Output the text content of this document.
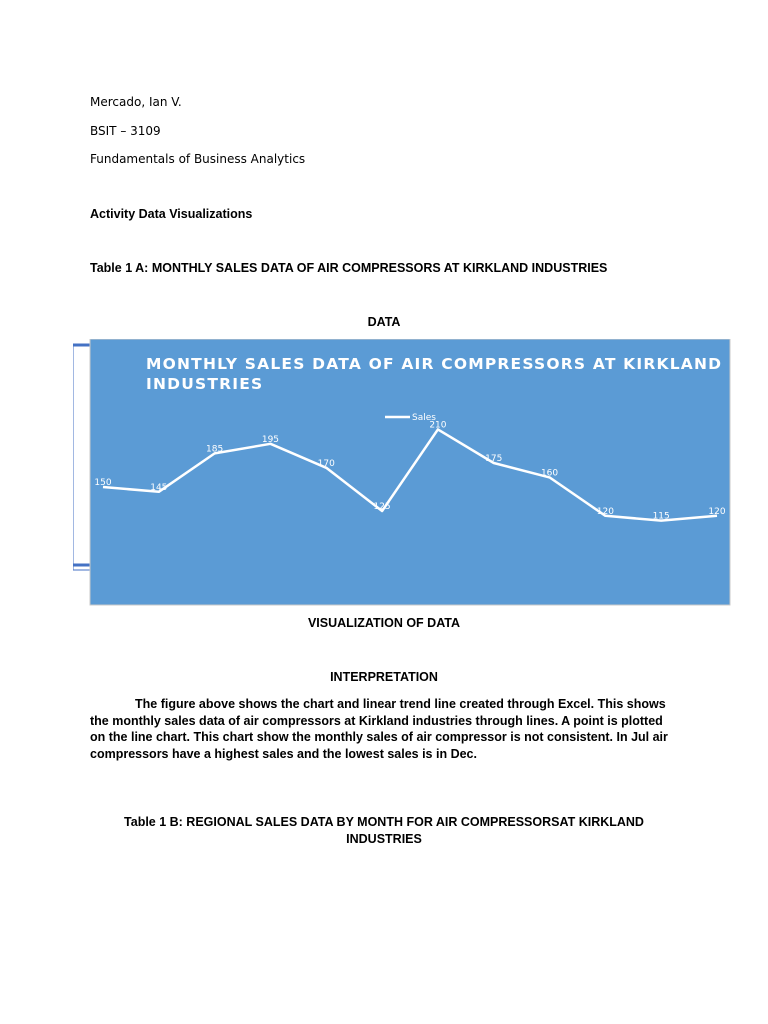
Mercado, Ian V.
BSIT – 3109
Fundamentals of Business Analytics
Activity Data Visualizations
Table 1 A: MONTHLY SALES DATA OF AIR COMPRESSORS AT KIRKLAND INDUSTRIES
DATA
MONTHLY SALES DATA OF AIR COMPRESSORS AT KIRKLAND
INDUSTRIES
Sales
150	145
185
195
170
125
210
175
160
120	115	120
VISUALIZATION OF DATA
INTERPRETATION
The figure above shows the chart and linear trend line created through Excel. This shows the monthly sales data of air compressors at Kirkland industries through lines. A point is plotted on the line chart. This chart show the monthly sales of air compressor is not consistent. In Jul air compressors have a highest sales and the lowest sales is in Dec.
Table 1 B: REGIONAL SALES DATA BY MONTH FOR AIR COMPRESSORSAT KIRKLAND
INDUSTRIES
